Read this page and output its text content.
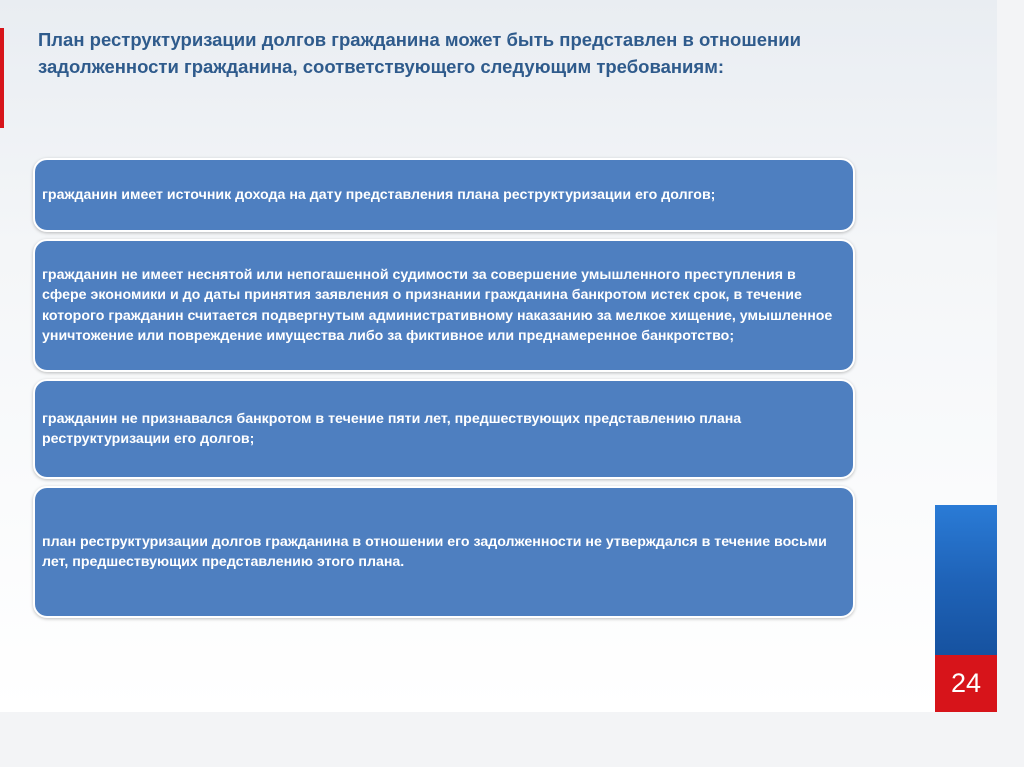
План реструктуризации долгов гражданина может быть представлен в отношении задолженности гражданина, соответствующего следующим требованиям:
гражданин имеет источник дохода на дату представления плана реструктуризации его долгов;
гражданин не имеет неснятой или непогашенной судимости за совершение умышленного преступления в сфере экономики и до даты принятия заявления о признании гражданина банкротом истек срок, в течение которого гражданин считается подвергнутым административному наказанию за мелкое хищение, умышленное уничтожение или повреждение имущества либо за фиктивное или преднамеренное банкротство;
гражданин не признавался банкротом в течение пяти лет, предшествующих представлению плана реструктуризации его долгов;
план реструктуризации долгов гражданина в отношении его задолженности не утверждался в течение восьми лет, предшествующих представлению этого плана.
24
